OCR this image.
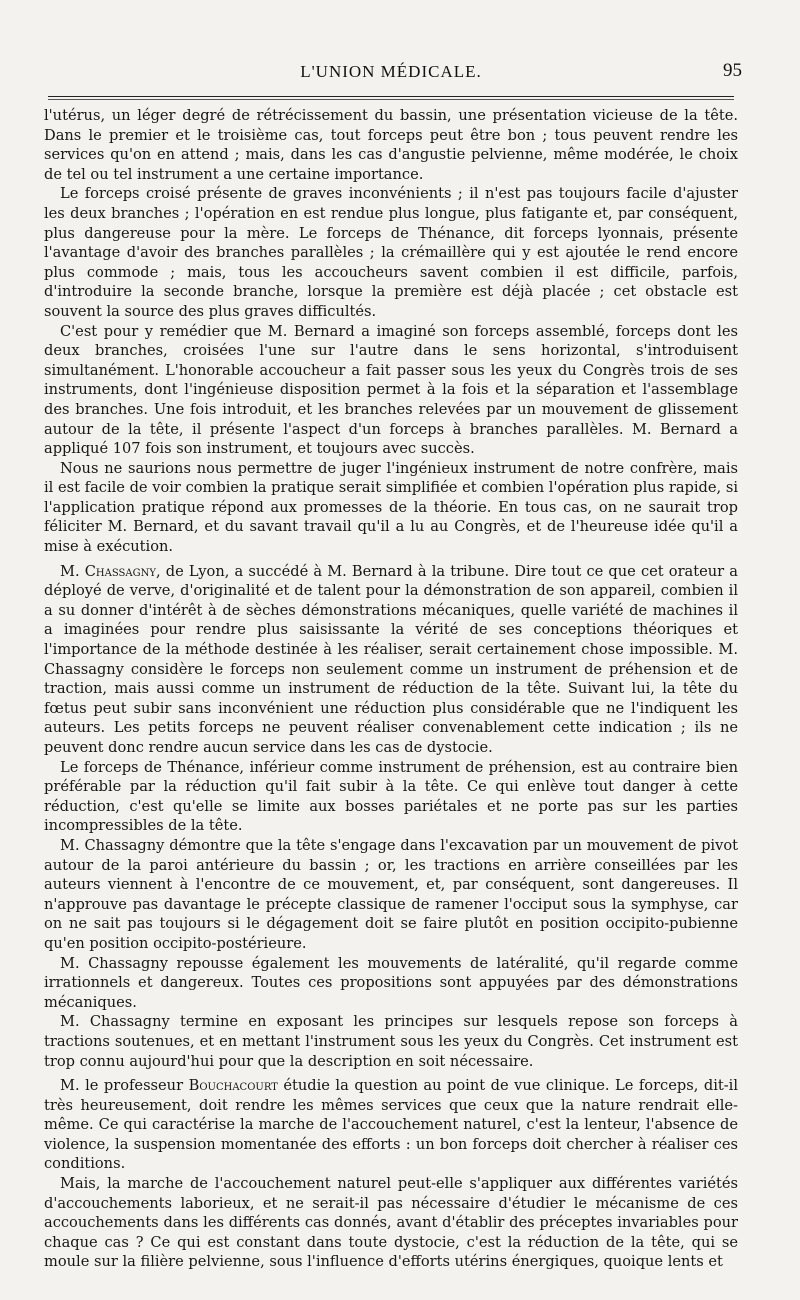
L'UNION MÉDICALE.	95

l'utérus, un léger degré de rétrécissement du bassin, une présentation vicieuse de la tête. Dans le premier et le troisième cas, tout forceps peut être bon ; tous peuvent rendre les services qu'on en attend ; mais, dans les cas d'angustie pelvienne, même modérée, le choix de tel ou tel instrument a une certaine importance.

Le forceps croisé présente de graves inconvénients ; il n'est pas toujours facile d'ajuster les deux branches ; l'opération en est rendue plus longue, plus fatigante et, par conséquent, plus dangereuse pour la mère. Le forceps de Thénance, dit forceps lyonnais, présente l'avantage d'avoir des branches parallèles ; la crémaillère qui y est ajoutée le rend encore plus commode ; mais, tous les accoucheurs savent combien il est difficile, parfois, d'introduire la seconde branche, lorsque la première est déjà placée ; cet obstacle est souvent la source des plus graves difficultés.

C'est pour y remédier que M. Bernard a imaginé son forceps assemblé, forceps dont les deux branches, croisées l'une sur l'autre dans le sens horizontal, s'introduisent simultanément. L'honorable accoucheur a fait passer sous les yeux du Congrès trois de ses instruments, dont l'ingénieuse disposition permet à la fois et la séparation et l'assemblage des branches. Une fois introduit, et les branches relevées par un mouvement de glissement autour de la tête, il présente l'aspect d'un forceps à branches parallèles. M. Bernard a appliqué 107 fois son instrument, et toujours avec succès.

Nous ne saurions nous permettre de juger l'ingénieux instrument de notre confrère, mais il est facile de voir combien la pratique serait simplifiée et combien l'opération plus rapide, si l'application pratique répond aux promesses de la théorie. En tous cas, on ne saurait trop féliciter M. Bernard, et du savant travail qu'il a lu au Congrès, et de l'heureuse idée qu'il a mise à exécution.

M. Chassagny, de Lyon, a succédé à M. Bernard à la tribune. Dire tout ce que cet orateur a déployé de verve, d'originalité et de talent pour la démonstration de son appareil, combien il a su donner d'intérêt à de sèches démonstrations mécaniques, quelle variété de machines il a imaginées pour rendre plus saisissante la vérité de ses conceptions théoriques et l'importance de la méthode destinée à les réaliser, serait certainement chose impossible. M. Chassagny considère le forceps non seulement comme un instrument de préhension et de traction, mais aussi comme un instrument de réduction de la tête. Suivant lui, la tête du fœtus peut subir sans inconvénient une réduction plus considérable que ne l'indiquent les auteurs. Les petits forceps ne peuvent réaliser convenablement cette indication ; ils ne peuvent donc rendre aucun service dans les cas de dystocie.

Le forceps de Thénance, inférieur comme instrument de préhension, est au contraire bien préférable par la réduction qu'il fait subir à la tête. Ce qui enlève tout danger à cette réduction, c'est qu'elle se limite aux bosses pariétales et ne porte pas sur les parties incompressibles de la tête.

M. Chassagny démontre que la tête s'engage dans l'excavation par un mouvement de pivot autour de la paroi antérieure du bassin ; or, les tractions en arrière conseillées par les auteurs viennent à l'encontre de ce mouvement, et, par conséquent, sont dangereuses. Il n'approuve pas davantage le précepte classique de ramener l'occiput sous la symphyse, car on ne sait pas toujours si le dégagement doit se faire plutôt en position occipito-pubienne qu'en position occipito-postérieure.

M. Chassagny repousse également les mouvements de latéralité, qu'il regarde comme irrationnels et dangereux. Toutes ces propositions sont appuyées par des démonstrations mécaniques.

M. Chassagny termine en exposant les principes sur lesquels repose son forceps à tractions soutenues, et en mettant l'instrument sous les yeux du Congrès. Cet instrument est trop connu aujourd'hui pour que la description en soit nécessaire.

M. le professeur Bouchacourt étudie la question au point de vue clinique. Le forceps, dit-il très heureusement, doit rendre les mêmes services que ceux que la nature rendrait elle-même. Ce qui caractérise la marche de l'accouchement naturel, c'est la lenteur, l'absence de violence, la suspension momentanée des efforts : un bon forceps doit chercher à réaliser ces conditions.

Mais, la marche de l'accouchement naturel peut-elle s'appliquer aux différentes variétés d'accouchements laborieux, et ne serait-il pas nécessaire d'étudier le mécanisme de ces accouchements dans les différents cas donnés, avant d'établir des préceptes invariables pour chaque cas ? Ce qui est constant dans toute dystocie, c'est la réduction de la tête, qui se moule sur la filière pelvienne, sous l'influence d'efforts utérins énergiques, quoique lents et
